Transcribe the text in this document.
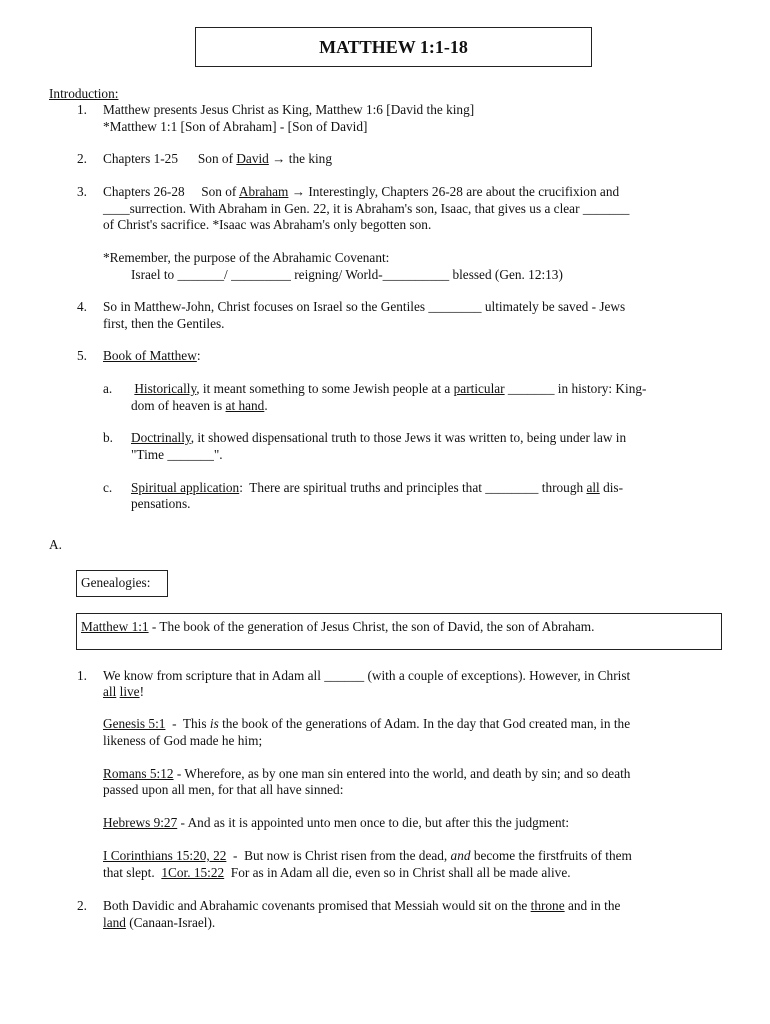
MATTHEW 1:1-18
Introduction:
1. Matthew presents Jesus Christ as King, Matthew 1:6 [David the king]
*Matthew 1:1 [Son of Abraham] - [Son of David]
2. Chapters 1-25      Son of David → the king
3. Chapters 26-28     Son of Abraham → Interestingly, Chapters 26-28 are about the crucifixion and
____surrection. With Abraham in Gen. 22, it is Abraham's son, Isaac, that gives us a clear _______
of Christ's sacrifice. *Isaac was Abraham's only begotten son.
*Remember, the purpose of the Abrahamic Covenant:
Israel to _______/ _________ reigning/ World-__________ blessed (Gen. 12:13)
4. So in Matthew-John, Christ focuses on Israel so the Gentiles ________ ultimately be saved - Jews
first, then the Gentiles.
5. Book of Matthew:
a. Historically, it meant something to some Jewish people at a particular _______ in history: King-
dom of heaven is at hand.
b. Doctrinally, it showed dispensational truth to those Jews it was written to, being under law in
"Time _______".
c. Spiritual application:  There are spiritual truths and principles that ________ through all dis-
pensations.
A.
Genealogies:
Matthew 1:1 - The book of the generation of Jesus Christ, the son of David, the son of Abraham.
1. We know from scripture that in Adam all ______ (with a couple of exceptions). However, in Christ
all live!
Genesis 5:1  -  This is the book of the generations of Adam. In the day that God created man, in the
likeness of God made he him;
Romans 5:12 - Wherefore, as by one man sin entered into the world, and death by sin; and so death
passed upon all men, for that all have sinned:
Hebrews 9:27 - And as it is appointed unto men once to die, but after this the judgment:
I Corinthians 15:20, 22  -  But now is Christ risen from the dead, and become the firstfruits of them
that slept.  1Cor. 15:22  For as in Adam all die, even so in Christ shall all be made alive.
2. Both Davidic and Abrahamic covenants promised that Messiah would sit on the throne and in the
land (Canaan-Israel).
